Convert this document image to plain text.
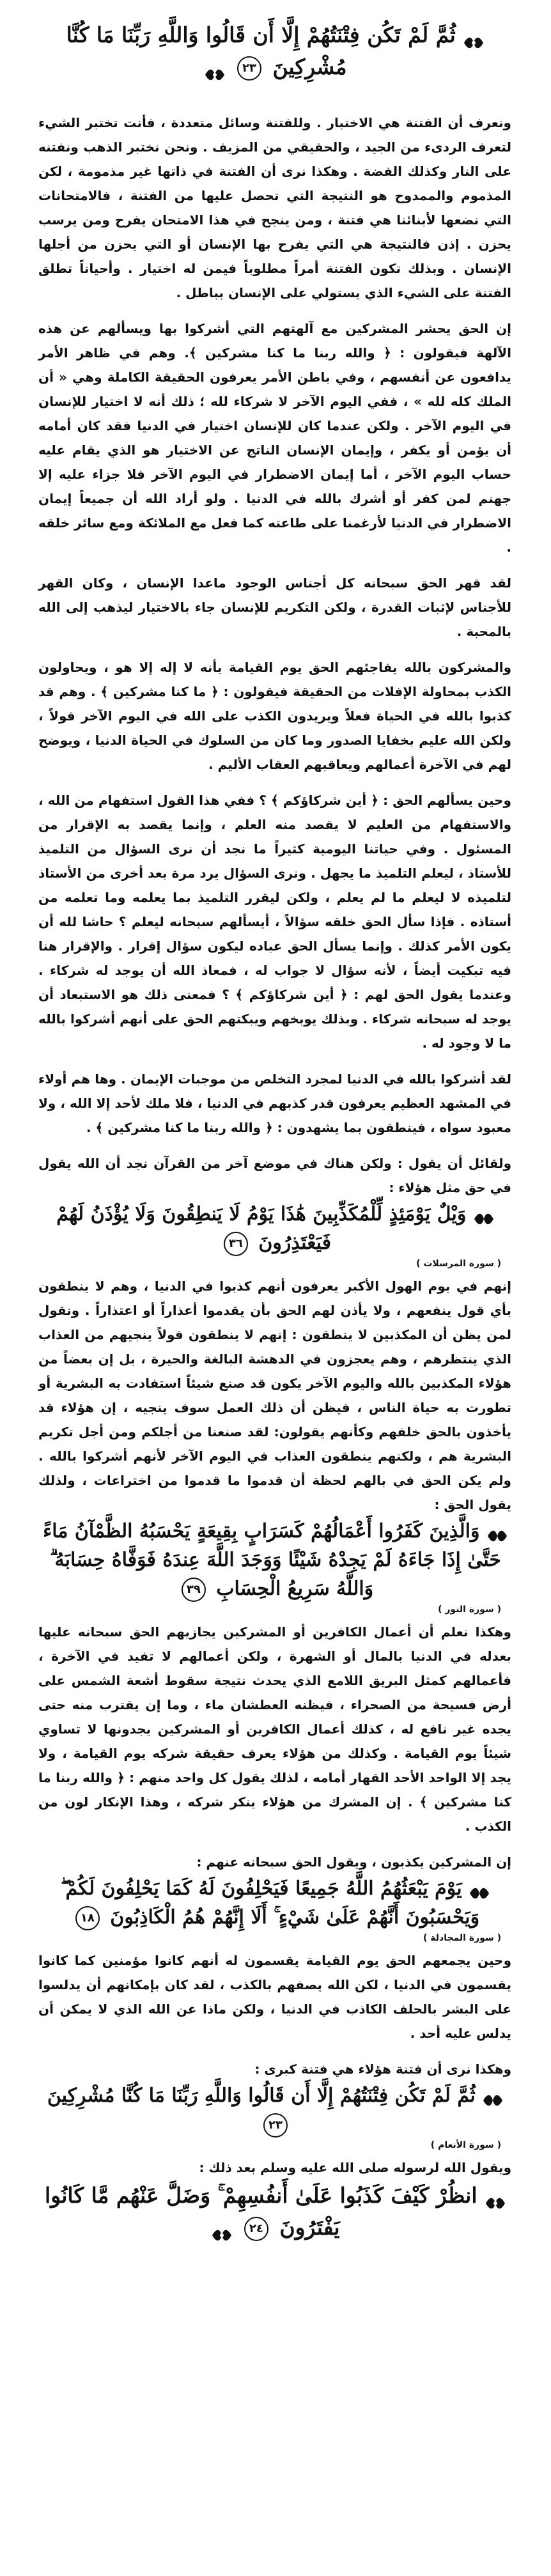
ثُمَّ لَمْ تَكُن فِتْنَتُهُمْ إِلَّا أَن قَالُوا وَاللَّهِ رَبِّنَا مَا كُنَّا مُشْرِكِينَ ٢٣

ونعرف أن الفتنة هي الاختبار . وللفتنة وسائل متعددة ، فأنت تختبر الشيء لتعرف الردىء من الجيد ، والحقيقي من المزيف . ونحن نختبر الذهب ونفتنه على النار وكذلك الفضة . وهكذا نرى أن الفتنة في ذاتها غير مذمومة ، لكن المذموم والممدوح هو النتيجة التي تحصل عليها من الفتنة ، فالامتحانات التي نضعها لأبنائنا هي فتنة ، ومن ينجح في هذا الامتحان يفرح ومن يرسب يحزن . إذن فالنتيجة هي التي يفرح بها الإنسان أو التي يحزن من أجلها الإنسان . وبذلك تكون الفتنة أمراً مطلوباً فيمن له اختيار . وأحياناً تطلق الفتنة على الشيء الذي يستولي على الإنسان بباطل .

إن الحق يحشر المشركين مع آلهتهم التي أشركوا بها ويسألهم عن هذه الآلهة فيقولون : ﴿ والله ربنا ما كنا مشركين ﴾. وهم في ظاهر الأمر يدافعون عن أنفسهم ، وفي باطن الأمر يعرفون الحقيقة الكاملة وهي « أن الملك كله لله » ، ففي اليوم الآخر لا شركاء لله ؛ ذلك أنه لا اختيار للإنسان في اليوم الآخر . ولكن عندما كان للإنسان اختيار في الدنيا فقد كان أمامه أن يؤمن أو يكفر ، وإيمان الإنسان الناتج عن الاختيار هو الذي يقام عليه حساب اليوم الآخر ، أما إيمان الاضطرار في اليوم الآخر فلا جزاء عليه إلا جهنم لمن كفر أو أشرك بالله في الدنيا . ولو أراد الله أن جميعاً إيمان الاضطرار في الدنيا لأرغمنا على طاعته كما فعل مع الملائكة ومع سائر خلقه .

لقد قهر الحق سبحانه كل أجناس الوجود ماعدا الإنسان ، وكان القهر للأجناس لإثبات القدرة ، ولكن التكريم للإنسان جاء بالاختيار ليذهب إلى الله بالمحبة .

والمشركون بالله يفاجئهم الحق يوم القيامة بأنه لا إله إلا هو ، ويحاولون الكذب بمحاولة الإفلات من الحقيقة فيقولون : ﴿ ما كنا مشركين ﴾ . وهم قد كذبوا بالله في الحياة فعلاً ويريدون الكذب على الله في اليوم الآخر قولاً ، ولكن الله عليم بخفايا الصدور وما كان من السلوك في الحياة الدنيا ، ويوضح لهم في الآخرة أعمالهم ويعاقبهم العقاب الأليم .

وحين يسألهم الحق : ﴿ أين شركاؤكم ﴾ ؟ ففي هذا القول استفهام من الله ، والاستفهام من العليم لا يقصد منه العلم ، وإنما يقصد به الإقرار من المسئول . وفي حياتنا اليومية كثيراً ما نجد أن نرى السؤال من التلميذ للأستاذ ، ليعلم التلميذ ما يجهل . ونرى السؤال يرد مرة بعد أخرى من الأستاذ لتلميذه لا ليعلم ما لم يعلم ، ولكن ليقرر التلميذ بما يعلمه وما تعلمه من أستاذه . فإذا سأل الحق خلقه سؤالاً ، أيسألهم سبحانه ليعلم ؟ حاشا لله أن يكون الأمر كذلك . وإنما يسأل الحق عباده ليكون سؤال إقرار . والإقرار هنا فيه تبكيت أيضاً ، لأنه سؤال لا جواب له ، فمعاذ الله أن يوجد له شركاء . وعندما يقول الحق لهم : ﴿ أين شركاؤكم ﴾ ؟ فمعنى ذلك هو الاستبعاد أن يوجد له سبحانه شركاء . وبذلك يوبخهم ويبكتهم الحق على أنهم أشركوا بالله ما لا وجود له .

لقد أشركوا بالله في الدنيا لمجرد التخلص من موجبات الإيمان . وها هم أولاء في المشهد العظيم يعرفون قدر كذبهم في الدنيا ، فلا ملك لأحد إلا الله ، ولا معبود سواه ، فينطقون بما يشهدون : ﴿ والله ربنا ما كنا مشركين ﴾ .

ولقائل أن يقول : ولكن هناك في موضع آخر من القرآن نجد أن الله يقول في حق مثل هؤلاء :

وَيْلٌ يَوْمَئِذٍ لِّلْمُكَذِّبِينَ هَٰذَا يَوْمُ لَا يَنطِقُونَ وَلَا يُؤْذَنُ لَهُمْ فَيَعْتَذِرُونَ ٣٦
( سورة المرسلات )

إنهم في يوم الهول الأكبر يعرفون أنهم كذبوا في الدنيا ، وهم لا ينطقون بأي قول ينفعهم ، ولا يأذن لهم الحق بأن يقدموا أعذاراً أو اعتذاراً . ونقول لمن يظن أن المكذبين لا ينطقون : إنهم لا ينطقون قولاً ينجيهم من العذاب الذي ينتظرهم ، وهم يعجزون في الدهشة البالغة والحيرة ، بل إن بعضاً من هؤلاء المكذبين بالله واليوم الآخر يكون قد صنع شيئاً استفادت به البشرية أو تطورت به حياة الناس ، فيظن أن ذلك العمل سوف ينجيه ، إن هؤلاء قد يأخذون بالحق خلفهم وكأنهم يقولون: لقد صنعنا من أجلكم ومن أجل تكريم البشرية هم ، ولكنهم ينطقون العذاب في اليوم الآخر لأنهم أشركوا بالله . ولم يكن الحق في بالهم لحظة أن قدموا ما قدموا من اختراعات ، ولذلك يقول الحق :

وَالَّذِينَ كَفَرُوا أَعْمَالُهُمْ كَسَرَابٍ بِقِيعَةٍ يَحْسَبُهُ الظَّمْآنُ مَاءً حَتَّىٰ إِذَا جَاءَهُ لَمْ يَجِدْهُ شَيْئًا وَوَجَدَ اللَّهَ عِندَهُ فَوَفَّاهُ حِسَابَهُ ۗ وَاللَّهُ سَرِيعُ الْحِسَابِ ٣٩
( سورة النور )

وهكذا نعلم أن أعمال الكافرين أو المشركين يجازيهم الحق سبحانه عليها بعدله في الدنيا بالمال أو الشهرة ، ولكن أعمالهم لا تفيد في الآخرة ، فأعمالهم كمثل البريق اللامع الذي يحدث نتيجة سقوط أشعة الشمس على أرض فسيحة من الصحراء ، فيظنه العطشان ماء ، وما إن يقترب منه حتى يجده غير نافع له ، كذلك أعمال الكافرين أو المشركين يجدونها لا تساوي شيئاً يوم القيامة . وكذلك من هؤلاء يعرف حقيقة شركه يوم القيامة ، ولا يجد إلا الواحد الأحد القهار أمامه ، لذلك يقول كل واحد منهم : ﴿ والله ربنا ما كنا مشركين ﴾ . إن المشرك من هؤلاء ينكر شركه ، وهذا الإنكار لون من الكذب .

إن المشركين يكذبون ، ويقول الحق سبحانه عنهم :

يَوْمَ يَبْعَثُهُمُ اللَّهُ جَمِيعًا فَيَحْلِفُونَ لَهُ كَمَا يَحْلِفُونَ لَكُمْ ۖ وَيَحْسَبُونَ أَنَّهُمْ عَلَىٰ شَيْءٍ ۚ أَلَا إِنَّهُمْ هُمُ الْكَاذِبُونَ ١٨
( سورة المجادلة )

وحين يجمعهم الحق يوم القيامة يقسمون له أنهم كانوا مؤمنين كما كانوا يقسمون في الدنيا ، لكن الله يصفهم بالكذب ، لقد كان بإمكانهم أن يدلسوا على البشر بالحلف الكاذب في الدنيا ، ولكن ماذا عن الله الذي لا يمكن أن يدلس عليه أحد .

وهكذا نرى أن فتنة هؤلاء هي فتنة كبرى :

ثُمَّ لَمْ تَكُن فِتْنَتُهُمْ إِلَّا أَن قَالُوا وَاللَّهِ رَبِّنَا مَا كُنَّا مُشْرِكِينَ ٢٣
( سورة الأنعام )

ويقول الله لرسوله صلى الله عليه وسلم بعد ذلك :

انظُرْ كَيْفَ كَذَبُوا عَلَىٰ أَنفُسِهِمْ ۚ وَضَلَّ عَنْهُم مَّا كَانُوا يَفْتَرُونَ ٢٤
